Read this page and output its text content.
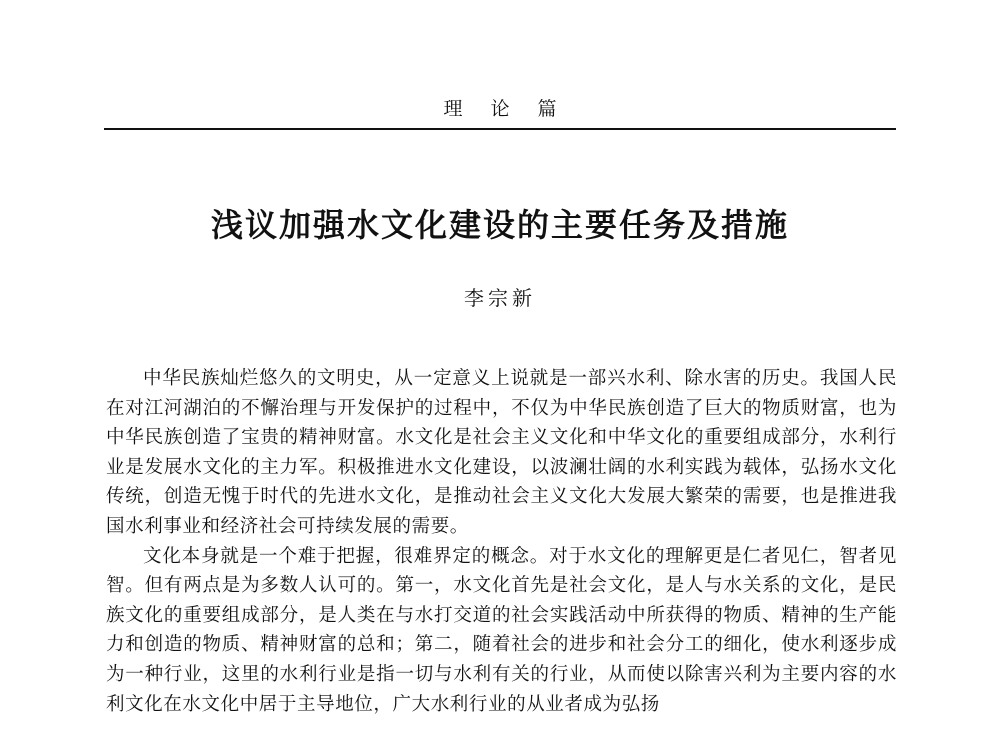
理论篇
浅议加强水文化建设的主要任务及措施
李宗新

中华民族灿烂悠久的文明史，从一定意义上说就是一部兴水利、除水害的历史。我国人民在对江河湖泊的不懈治理与开发保护的过程中，不仅为中华民族创造了巨大的物质财富，也为中华民族创造了宝贵的精神财富。水文化是社会主义文化和中华文化的重要组成部分，水利行业是发展水文化的主力军。积极推进水文化建设，以波澜壮阔的水利实践为载体，弘扬水文化传统，创造无愧于时代的先进水文化，是推动社会主义文化大发展大繁荣的需要，也是推进我国水利事业和经济社会可持续发展的需要。

文化本身就是一个难于把握，很难界定的概念。对于水文化的理解更是仁者见仁，智者见智。但有两点是为多数人认可的。第一，水文化首先是社会文化，是人与水关系的文化，是民族文化的重要组成部分，是人类在与水打交道的社会实践活动中所获得的物质、精神的生产能力和创造的物质、精神财富的总和；第二，随着社会的进步和社会分工的细化，使水利逐步成为一种行业，这里的水利行业是指一切与水利有关的行业，从而使以除害兴利为主要内容的水利文化在水文化中居于主导地位，广大水利行业的从业者成为弘扬
